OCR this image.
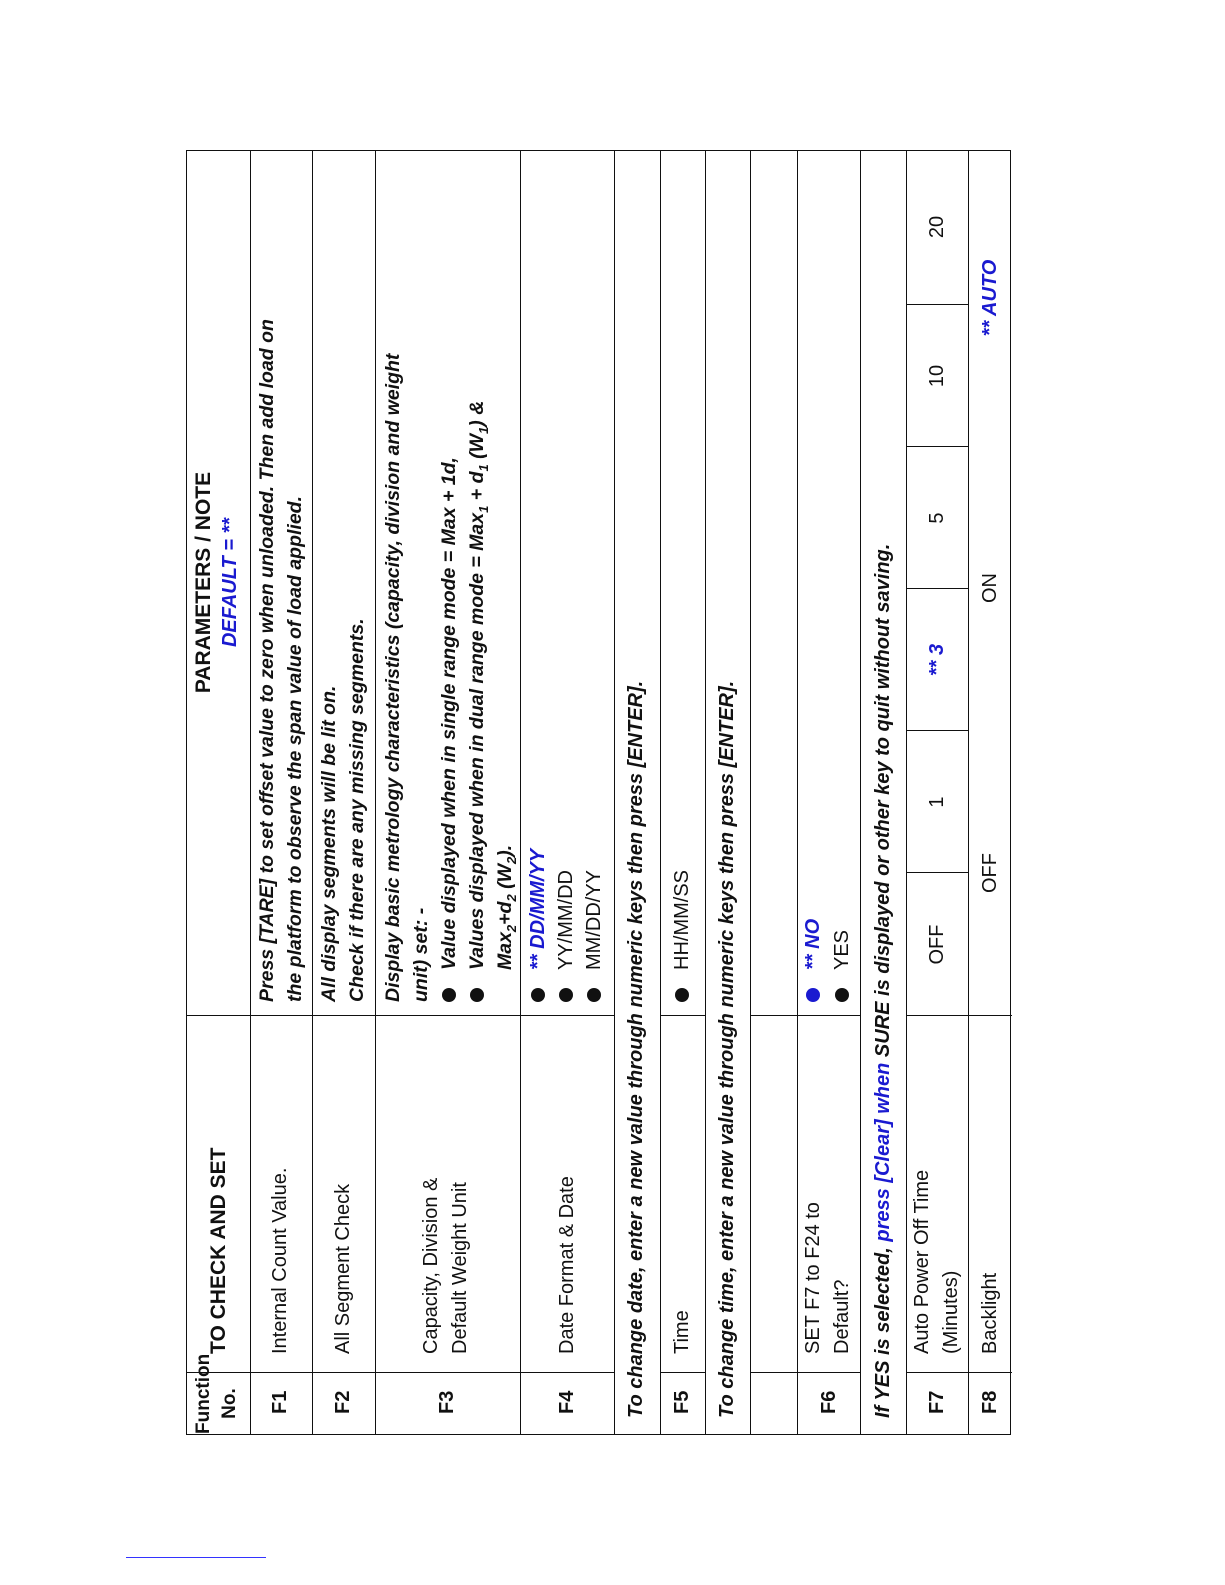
Function No.
TO CHECK AND SET
PARAMETERS / NOTE DEFAULT = **
F1
Internal Count Value.
Press [TARE] to set offset value to zero when unloaded. Then add load on the platform to observe the span value of load applied.
F2
All Segment Check
All display segments will be lit on. Check if there are any missing segments.
F3
Capacity, Division & Default Weight Unit
Display basic metrology characteristics (capacity, division and weight unit) set: - Value displayed when in single range mode = Max + 1d, Values displayed when in dual range mode = $Max_1 + d_1$ $(W_1)$ &
$Max_2+d_2$ $(W_2)$.
F4
Date Format & Date
** DD/MM/YY YY/MM/DD MM/DD/YY To change date, enter a new value through numeric keys then press [ENTER]. F5
Time
HH/MM/SS To change time, enter a new value through numeric keys then press [ENTER].	F6
SET F7 to F24 to Default?
** NO YES
If YES is selected, press [Clear] when SURE is displayed or other key to quit without saving.
F7
Auto Power Off Time (Minutes)
OFF
1
** 3
5
10
20
F8
Backlight
OFF
ON
** AUTO
